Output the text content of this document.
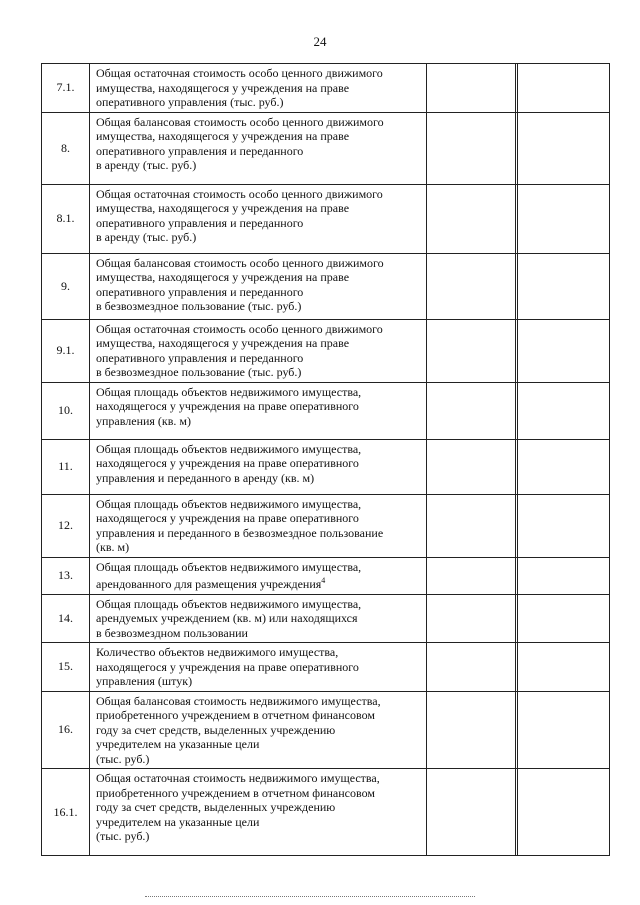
24
7.1.	Общая остаточная стоимость особо ценного движимого
имущества, находящегося у учреждения на праве
оперативного управления (тыс. руб.)			

8.	Общая балансовая стоимость особо ценного движимого
имущества, находящегося у учреждения на праве
оперативного управления и переданного
в аренду (тыс. руб.)			

8.1.	Общая остаточная стоимость особо ценного движимого
имущества, находящегося у учреждения на праве
оперативного управления и переданного
в аренду (тыс. руб.)			

9.	Общая балансовая стоимость особо ценного движимого
имущества, находящегося у учреждения на праве
оперативного управления и переданного
в безвозмездное пользование (тыс. руб.)			

9.1.	Общая остаточная стоимость особо ценного движимого
имущества, находящегося у учреждения на праве
оперативного управления и переданного
в безвозмездное пользование (тыс. руб.)			

10.	Общая площадь объектов недвижимого имущества,
находящегося у учреждения на праве оперативного
управления (кв. м)			

11.	Общая площадь объектов недвижимого имущества,
находящегося у учреждения на праве оперативного
управления и переданного в аренду (кв. м)			

12.	Общая площадь объектов недвижимого имущества,
находящегося у учреждения на праве оперативного
управления и переданного в безвозмездное пользование
(кв. м)			

13.	Общая площадь объектов недвижимого имущества,
арендованного для размещения учреждения$^4$

14.	Общая площадь объектов недвижимого имущества,
арендуемых учреждением (кв. м) или находящихся
в безвозмездном пользовании			

15.	Количество объектов недвижимого имущества,
находящегося у учреждения на праве оперативного
управления (штук)			

16.	Общая балансовая стоимость недвижимого имущества,
приобретенного учреждением в отчетном финансовом
году за счет средств, выделенных учреждению
учредителем на указанные цели
(тыс. руб.)			

16.1.	Общая остаточная стоимость недвижимого имущества,
приобретенного учреждением в отчетном финансовом
году за счет средств, выделенных учреждению
учредителем на указанные цели
(тыс. руб.)			
